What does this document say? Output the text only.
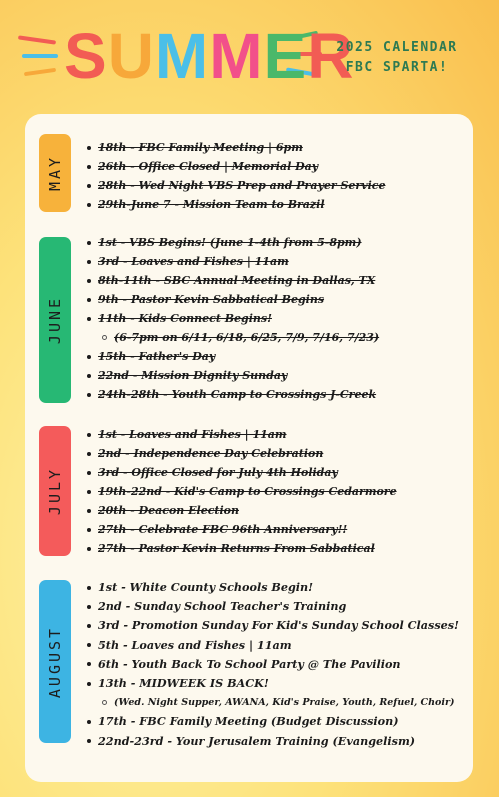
SUMMER
2025 CALENDAR
FBC SPARTA!
MAY
18th - FBC Family Meeting | 6pm
26th - Office Closed | Memorial Day
28th - Wed Night VBS Prep and Prayer Service
29th-June 7 - Mission Team to Brazil
JUNE
1st - VBS Begins! (June 1-4th from 5-8pm)
3rd - Loaves and Fishes | 11am
8th-11th - SBC Annual Meeting in Dallas, TX
9th - Pastor Kevin Sabbatical Begins
11th - Kids Connect Begins!
(6-7pm on 6/11, 6/18, 6/25, 7/9, 7/16, 7/23)
15th - Father's Day
22nd - Mission Dignity Sunday
24th-28th - Youth Camp to Crossings J-Creek
JULY
1st - Loaves and Fishes | 11am
2nd - Independence Day Celebration
3rd - Office Closed for July 4th Holiday
19th-22nd - Kid's Camp to Crossings Cedarmore
20th - Deacon Election
27th - Celebrate FBC 96th Anniversary!!
27th - Pastor Kevin Returns From Sabbatical
AUGUST
1st - White County Schools Begin!
2nd - Sunday School Teacher's Training
3rd - Promotion Sunday For Kid's Sunday School Classes!
5th - Loaves and Fishes | 11am
6th - Youth Back To School Party @ The Pavilion
13th - MIDWEEK IS BACK!
(Wed. Night Supper, AWANA, Kid's Praise, Youth, Refuel, Choir)
17th - FBC Family Meeting (Budget Discussion)
22nd-23rd - Your Jerusalem Training (Evangelism)
